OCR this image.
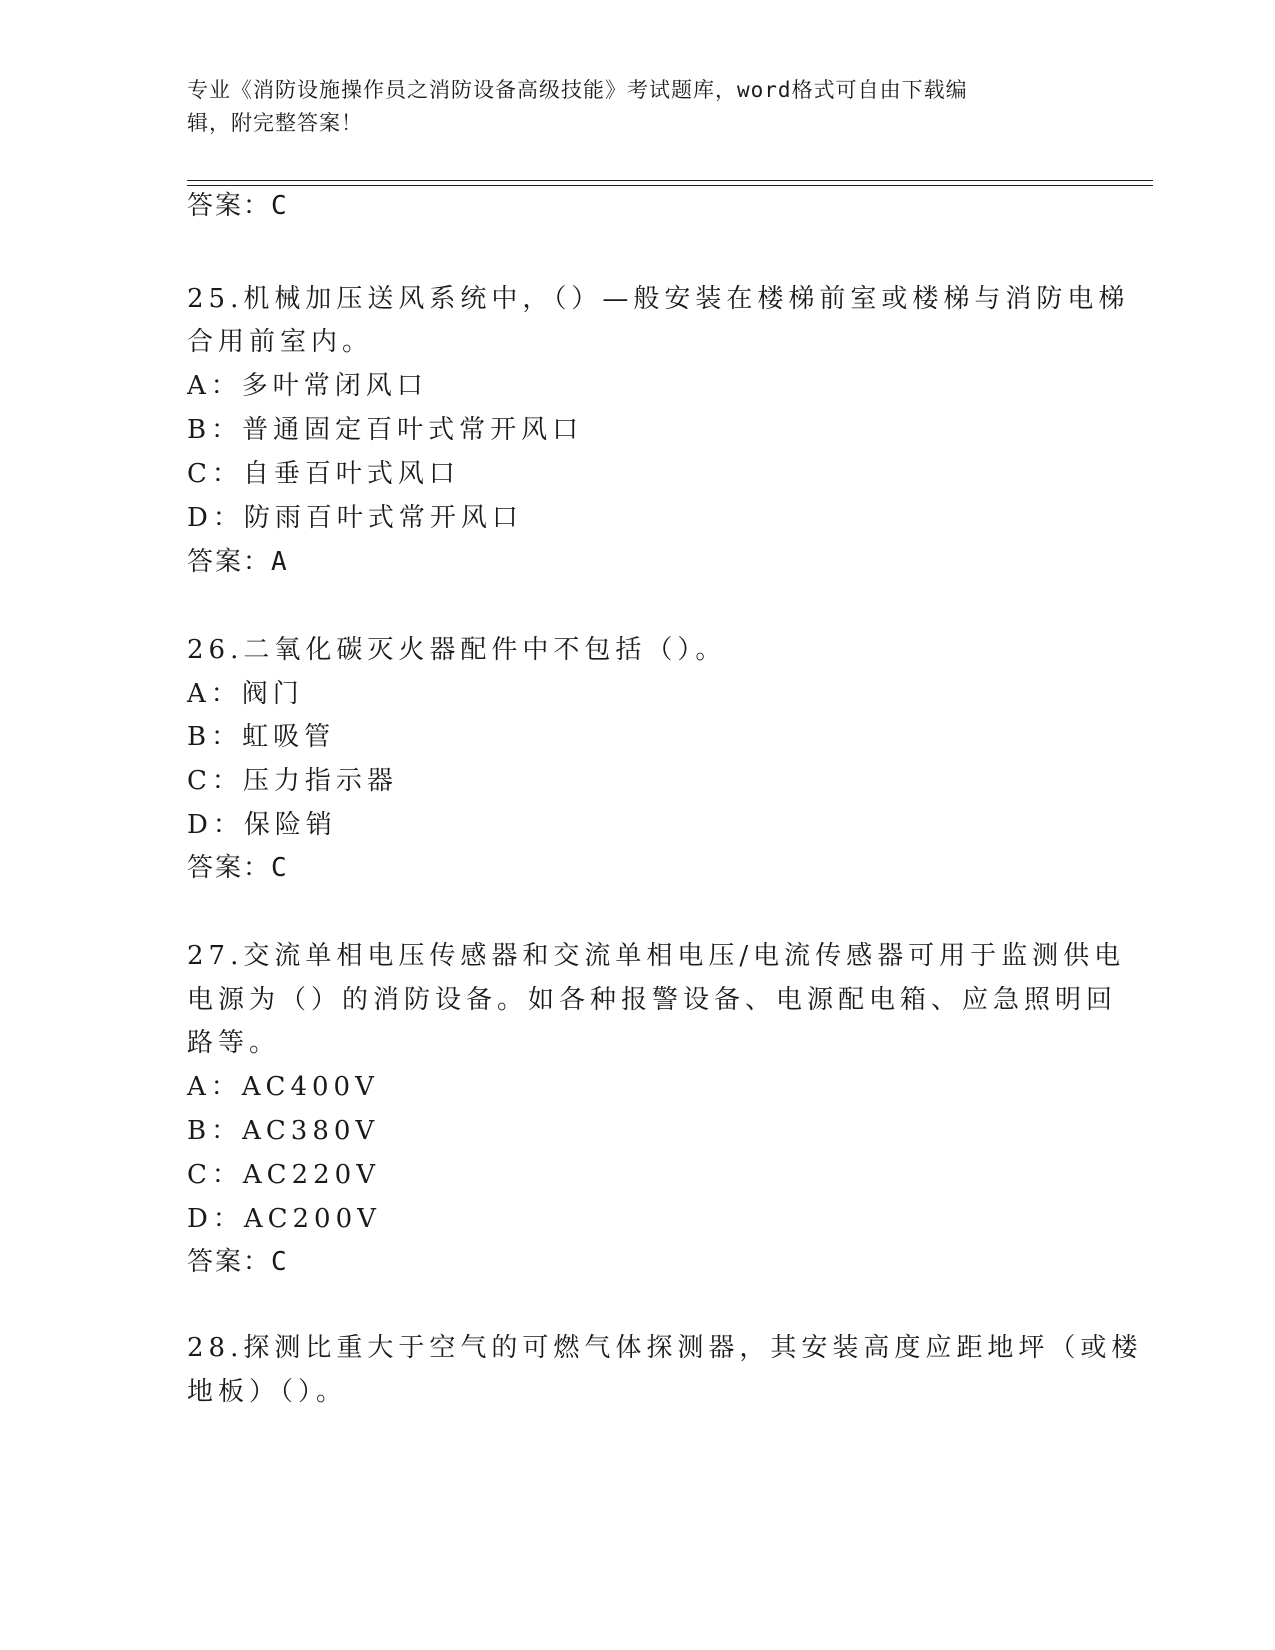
专业《消防设施操作员之消防设备高级技能》考试题库，word格式可自由下载编
辑，附完整答案！
答案：C
25.机械加压送风系统中，（）—般安装在楼梯前室或楼梯与消防电梯
合用前室内。
A：多叶常闭风口
B：普通固定百叶式常开风口
C：自垂百叶式风口
D：防雨百叶式常开风口
答案：A
26.二氧化碳灭火器配件中不包括（）。
A：阀门
B：虹吸管
C：压力指示器
D：保险销
答案：C
27.交流单相电压传感器和交流单相电压/电流传感器可用于监测供电
电源为（）的消防设备。如各种报警设备、电源配电箱、应急照明回
路等。
A：AC400V
B：AC380V
C：AC220V
D：AC200V
答案：C
28.探测比重大于空气的可燃气体探测器，其安装高度应距地坪（或楼
地板）（）。
